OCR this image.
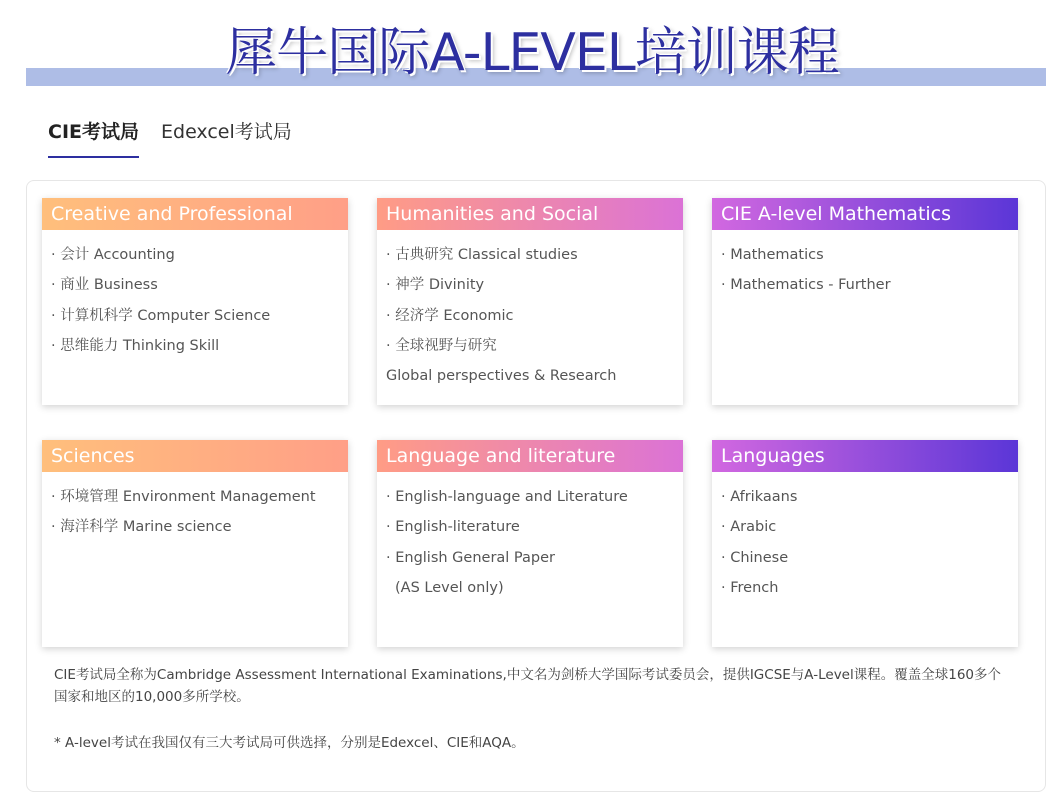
犀牛国际A-LEVEL培训课程
CIE考试局 Edexcel考试局
Creative and Professional
· 会计 Accounting
· 商业 Business
· 计算机科学 Computer Science
· 思维能力 Thinking Skill
Humanities and Social
· 古典研究 Classical studies
· 神学 Divinity
· 经济学 Economic
· 全球视野与研究
Global perspectives & Research
CIE A-level Mathematics
· Mathematics
· Mathematics - Further
Sciences
· 环境管理 Environment Management
· 海洋科学 Marine science
Language and literature
· English-language and Literature
· English-literature
· English General Paper
(AS Level only)
Languages
· Afrikaans
· Arabic
· Chinese
· French

CIE考试局全称为Cambridge Assessment International Examinations,中文名为剑桥大学国际考试委员会，提供IGCSE与A-Level课程。覆盖全球160多个国家和地区的10,000多所学校。

* A-level考试在我国仅有三大考试局可供选择，分别是Edexcel、CIE和AQA。
